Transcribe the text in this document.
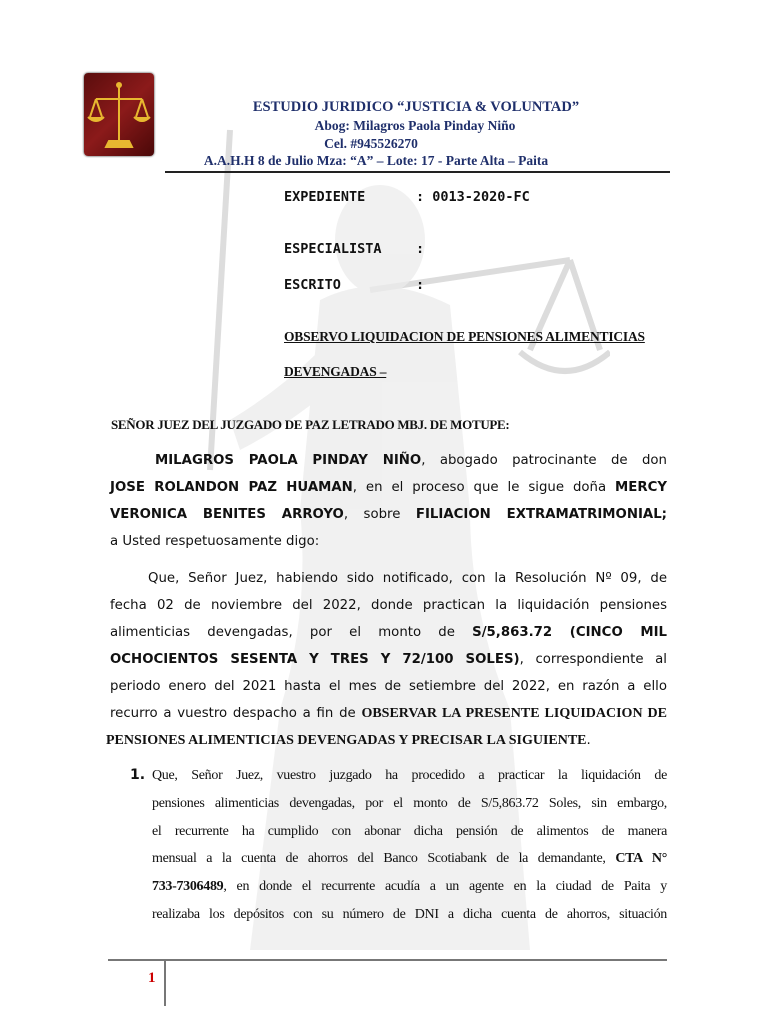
ESTUDIO JURIDICO “JUSTICIA & VOLUNTAD”
Abog: Milagros Paola Pinday Niño
Cel. #945526270
A.A.H.H 8 de Julio Mza: “A” – Lote: 17 - Parte Alta – Paita
EXPEDIENTE	: 0013-2020-FC
ESPECIALISTA	:
ESCRITO	:
OBSERVO LIQUIDACION DE PENSIONES ALIMENTICIAS
DEVENGADAS –
SEÑOR JUEZ DEL JUZGADO DE PAZ LETRADO MBJ. DE MOTUPE:
MILAGROS PAOLA PINDAY NIÑO, abogado patrocinante de don
JOSE ROLANDON PAZ HUAMAN, en el proceso que le sigue doña MERCY
VERONICA BENITES ARROYO, sobre FILIACION EXTRAMATRIMONIAL;
a Usted respetuosamente digo:
Que, Señor Juez, habiendo sido notificado, con la Resolución Nº 09, de
fecha 02 de noviembre del 2022, donde practican la liquidación pensiones
alimenticias devengadas, por el monto de S/5,863.72 (CINCO MIL
OCHOCIENTOS SESENTA Y TRES Y 72/100 SOLES), correspondiente al
periodo enero del 2021 hasta el mes de setiembre del 2022, en razón a ello
recurro a vuestro despacho a fin de OBSERVAR LA PRESENTE LIQUIDACION DE
PENSIONES ALIMENTICIAS DEVENGADAS Y PRECISAR LA SIGUIENTE.
1. Que, Señor Juez, vuestro juzgado ha procedido a practicar la liquidación de
pensiones alimenticias devengadas, por el monto de S/5,863.72 Soles, sin embargo,
el recurrente ha cumplido con abonar dicha pensión de alimentos de manera
mensual a la cuenta de ahorros del Banco Scotiabank de la demandante, CTA N°
733-7306489, en donde el recurrente acudía a un agente en la ciudad de Paita y
realizaba los depósitos con su número de DNI a dicha cuenta de ahorros, situación
1
